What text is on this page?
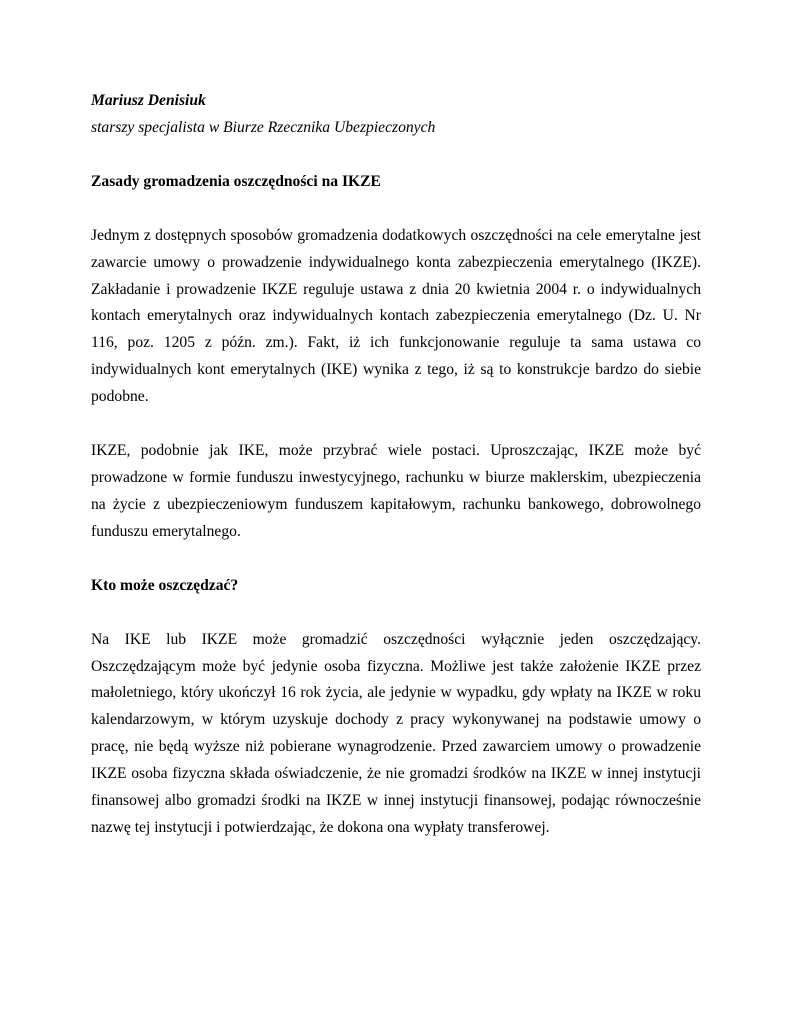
Mariusz Denisiuk

starszy specjalista w Biurze Rzecznika Ubezpieczonych

Zasady gromadzenia oszczędności na IKZE

Jednym z dostępnych sposobów gromadzenia dodatkowych oszczędności na cele emerytalne jest zawarcie umowy o prowadzenie indywidualnego konta zabezpieczenia emerytalnego (IKZE). Zakładanie i prowadzenie IKZE reguluje ustawa z dnia 20 kwietnia 2004 r. o indywidualnych kontach emerytalnych oraz indywidualnych kontach zabezpieczenia emerytalnego (Dz. U. Nr 116, poz. 1205 z późn. zm.). Fakt, iż ich funkcjonowanie reguluje ta sama ustawa co indywidualnych kont emerytalnych (IKE) wynika z tego, iż są to konstrukcje bardzo do siebie podobne.

IKZE, podobnie jak IKE, może przybrać wiele postaci. Uproszczając, IKZE może być prowadzone w formie funduszu inwestycyjnego, rachunku w biurze maklerskim, ubezpieczenia na życie z ubezpieczeniowym funduszem kapitałowym, rachunku bankowego, dobrowolnego funduszu emerytalnego.

Kto może oszczędzać?

Na IKE lub IKZE może gromadzić oszczędności wyłącznie jeden oszczędzający. Oszczędzającym może być jedynie osoba fizyczna. Możliwe jest także założenie IKZE przez małoletniego, który ukończył 16 rok życia, ale jedynie w wypadku, gdy wpłaty na IKZE w roku kalendarzowym, w którym uzyskuje dochody z pracy wykonywanej na podstawie umowy o pracę, nie będą wyższe niż pobierane wynagrodzenie. Przed zawarciem umowy o prowadzenie IKZE osoba fizyczna składa oświadczenie, że nie gromadzi środków na IKZE w innej instytucji finansowej albo gromadzi środki na IKZE w innej instytucji finansowej, podając równocześnie nazwę tej instytucji i potwierdzając, że dokona ona wypłaty transferowej.
